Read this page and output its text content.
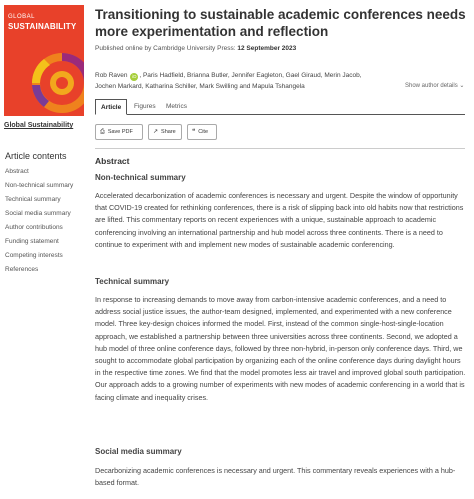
GLOBAL
SUSTAINABILITY
Global Sustainability
Article contents
Abstract
Non-technical summary
Technical summary
Social media summary
Author contributions
Funding statement
Competing interests
References
Transitioning to sustainable academic conferences needs more experimentation and reflection
Published online by Cambridge University Press: 12 September 2023
Rob Raven iD , Paris Hadfield, Brianna Butler, Jennifer Eagleton, Gael Giraud, Merin Jacob,
Jochen Markard, Katharina Schiller, Mark Swilling and Mapula Tshangela	Show author details ⌄
Article	Figures	Metrics
⎙ Save PDF	↗ Share	❝ Cite
Abstract
Non-technical summary

Accelerated decarbonization of academic conferences is necessary and urgent. Despite the window of opportunity that COVID-19 created for rethinking conferences, there is a risk of slipping back into old habits now that restrictions are lifted. This commentary reports on recent experiences with a unique, sustainable approach to academic conferencing involving an international partnership and hub model across three continents. There is a need to continue to experiment with and implement new modes of sustainable academic conferencing.

Technical summary

In response to increasing demands to move away from carbon-intensive academic conferences, and a need to address social justice issues, the author-team designed, implemented, and experimented with a new conference model. Three key-design choices informed the model. First, instead of the common single-host-single-location approach, we established a partnership between three universities across three continents. Second, we adopted a hub model of three online conference days, followed by three non-hybrid, in-person only conference days. Third, we sought to accommodate global participation by organizing each of the online conference days during daylight hours in the respective time zones. We find that the model promotes less air travel and improved global south participation. Our approach adds to a growing number of experiments with new modes of academic conferencing in a world that is facing climate and inequality crises.

Social media summary

Decarbonizing academic conferences is necessary and urgent. This commentary reveals experiences with a hub-based format.
